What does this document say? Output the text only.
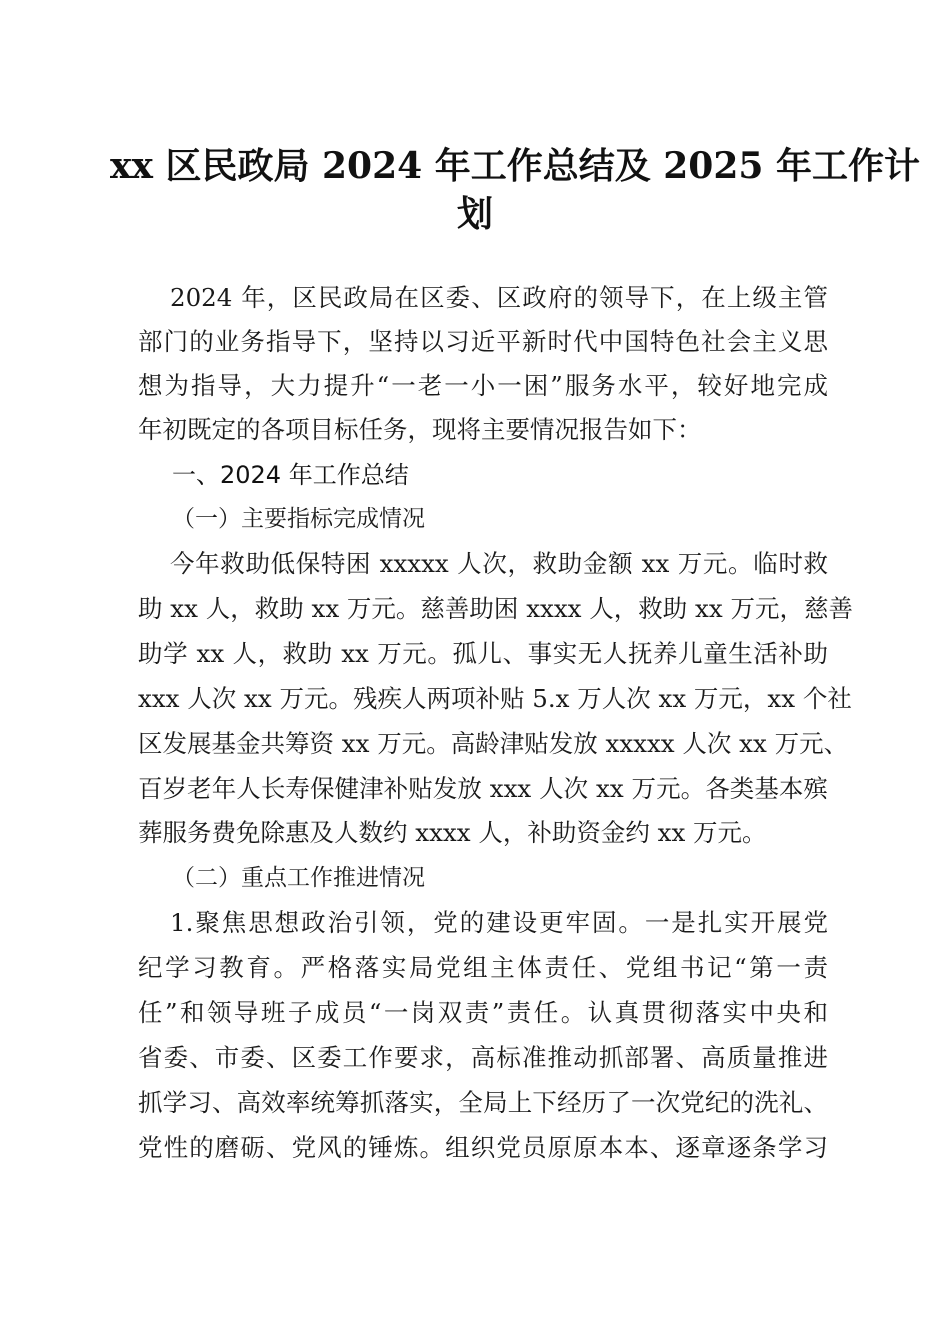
xx 区民政局 2024 年工作总结及 2025 年工作计
划

2024 年，区民政局在区委、区政府的领导下，在上级主管

部门的业务指导下，坚持以习近平新时代中国特色社会主义思

想为指导，大力提升“一老一小一困”服务水平，较好地完成

年初既定的各项目标任务，现将主要情况报告如下：

一、2024 年工作总结

（一）主要指标完成情况

今年救助低保特困 xxxxx 人次，救助金额 xx 万元。临时救

助 xx 人，救助 xx 万元。慈善助困 xxxx 人，救助 xx 万元，慈善

助学 xx 人，救助 xx 万元。孤儿、事实无人抚养儿童生活补助

xxx 人次 xx 万元。残疾人两项补贴 5.x 万人次 xx 万元，xx 个社

区发展基金共筹资 xx 万元。高龄津贴发放 xxxxx 人次 xx 万元、

百岁老年人长寿保健津补贴发放 xxx 人次 xx 万元。各类基本殡

葬服务费免除惠及人数约 xxxx 人，补助资金约 xx 万元。

（二）重点工作推进情况

1.聚焦思想政治引领，党的建设更牢固。一是扎实开展党

纪学习教育。严格落实局党组主体责任、党组书记“第一责

任”和领导班子成员“一岗双责”责任。认真贯彻落实中央和

省委、市委、区委工作要求，高标准推动抓部署、高质量推进

抓学习、高效率统筹抓落实，全局上下经历了一次党纪的洗礼、

党性的磨砺、党风的锤炼。组织党员原原本本、逐章逐条学习
